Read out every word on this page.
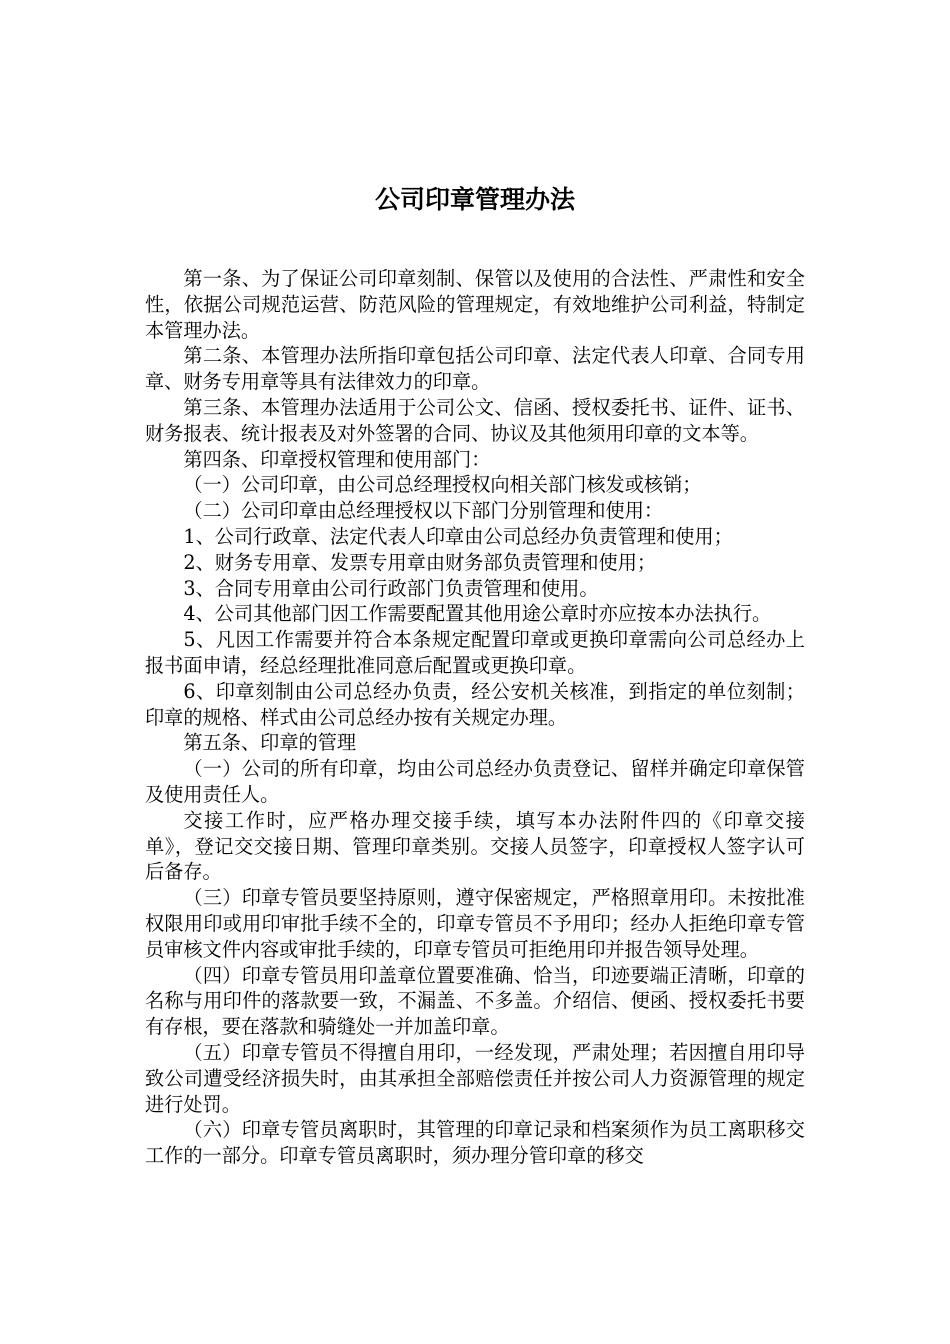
公司印章管理办法

第一条、为了保证公司印章刻制、保管以及使用的合法性、严肃性和安全性，依据公司规范运营、防范风险的管理规定，有效地维护公司利益，特制定本管理办法。

第二条、本管理办法所指印章包括公司印章、法定代表人印章、合同专用章、财务专用章等具有法律效力的印章。

第三条、本管理办法适用于公司公文、信函、授权委托书、证件、证书、财务报表、统计报表及对外签署的合同、协议及其他须用印章的文本等。

第四条、印章授权管理和使用部门：

（一）公司印章，由公司总经理授权向相关部门核发或核销；

（二）公司印章由总经理授权以下部门分别管理和使用：

1、公司行政章、法定代表人印章由公司总经办负责管理和使用；

2、财务专用章、发票专用章由财务部负责管理和使用；

3、合同专用章由公司行政部门负责管理和使用。

4、公司其他部门因工作需要配置其他用途公章时亦应按本办法执行。

5、凡因工作需要并符合本条规定配置印章或更换印章需向公司总经办上报书面申请，经总经理批准同意后配置或更换印章。

6、印章刻制由公司总经办负责，经公安机关核准，到指定的单位刻制；印章的规格、样式由公司总经办按有关规定办理。

第五条、印章的管理

（一）公司的所有印章，均由公司总经办负责登记、留样并确定印章保管及使用责任人。

交接工作时，应严格办理交接手续，填写本办法附件四的《印章交接单》，登记交交接日期、管理印章类别。交接人员签字，印章授权人签字认可后备存。

（三）印章专管员要坚持原则，遵守保密规定，严格照章用印。未按批准权限用印或用印审批手续不全的，印章专管员不予用印；经办人拒绝印章专管员审核文件内容或审批手续的，印章专管员可拒绝用印并报告领导处理。

（四）印章专管员用印盖章位置要准确、恰当，印迹要端正清晰，印章的名称与用印件的落款要一致，不漏盖、不多盖。介绍信、便函、授权委托书要有存根，要在落款和骑缝处一并加盖印章。

（五）印章专管员不得擅自用印，一经发现，严肃处理；若因擅自用印导致公司遭受经济损失时，由其承担全部赔偿责任并按公司人力资源管理的规定进行处罚。

（六）印章专管员离职时，其管理的印章记录和档案须作为员工离职移交工作的一部分。印章专管员离职时，须办理分管印章的移交
